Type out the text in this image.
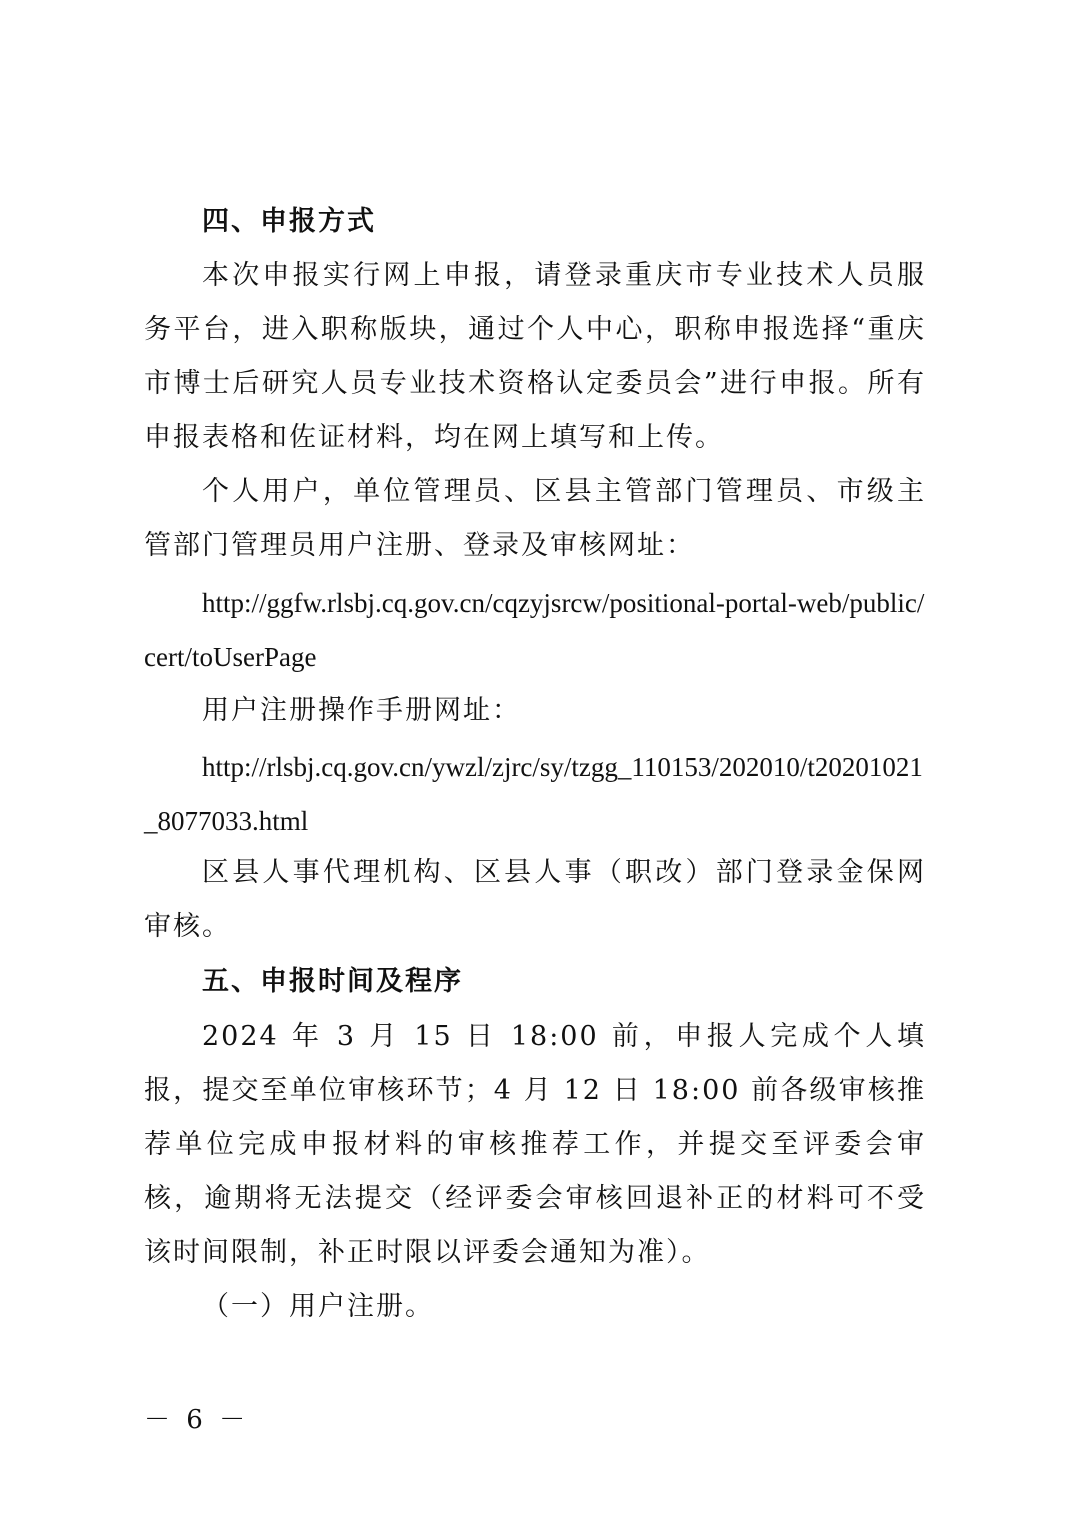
四、申报方式

本次申报实行网上申报，请登录重庆市专业技术人员服务平台，进入职称版块，通过个人中心，职称申报选择“重庆市博士后研究人员专业技术资格认定委员会”进行申报。所有申报表格和佐证材料，均在网上填写和上传。

个人用户，单位管理员、区县主管部门管理员、市级主管部门管理员用户注册、登录及审核网址：

http://ggfw.rlsbj.cq.gov.cn/cqzyjsrcw/positional-portal-web/public/cert/toUserPage

用户注册操作手册网址：

http://rlsbj.cq.gov.cn/ywzl/zjrc/sy/tzgg_110153/202010/t20201021_8077033.html

区县人事代理机构、区县人事（职改）部门登录金保网审核。

五、申报时间及程序

2024 年 3 月 15 日 18:00 前，申报人完成个人填报，提交至单位审核环节；4 月 12 日 18:00 前各级审核推荐单位完成申报材料的审核推荐工作，并提交至评委会审核，逾期将无法提交（经评委会审核回退补正的材料可不受该时间限制，补正时限以评委会通知为准）。

（一）用户注册。

－ 6 －
